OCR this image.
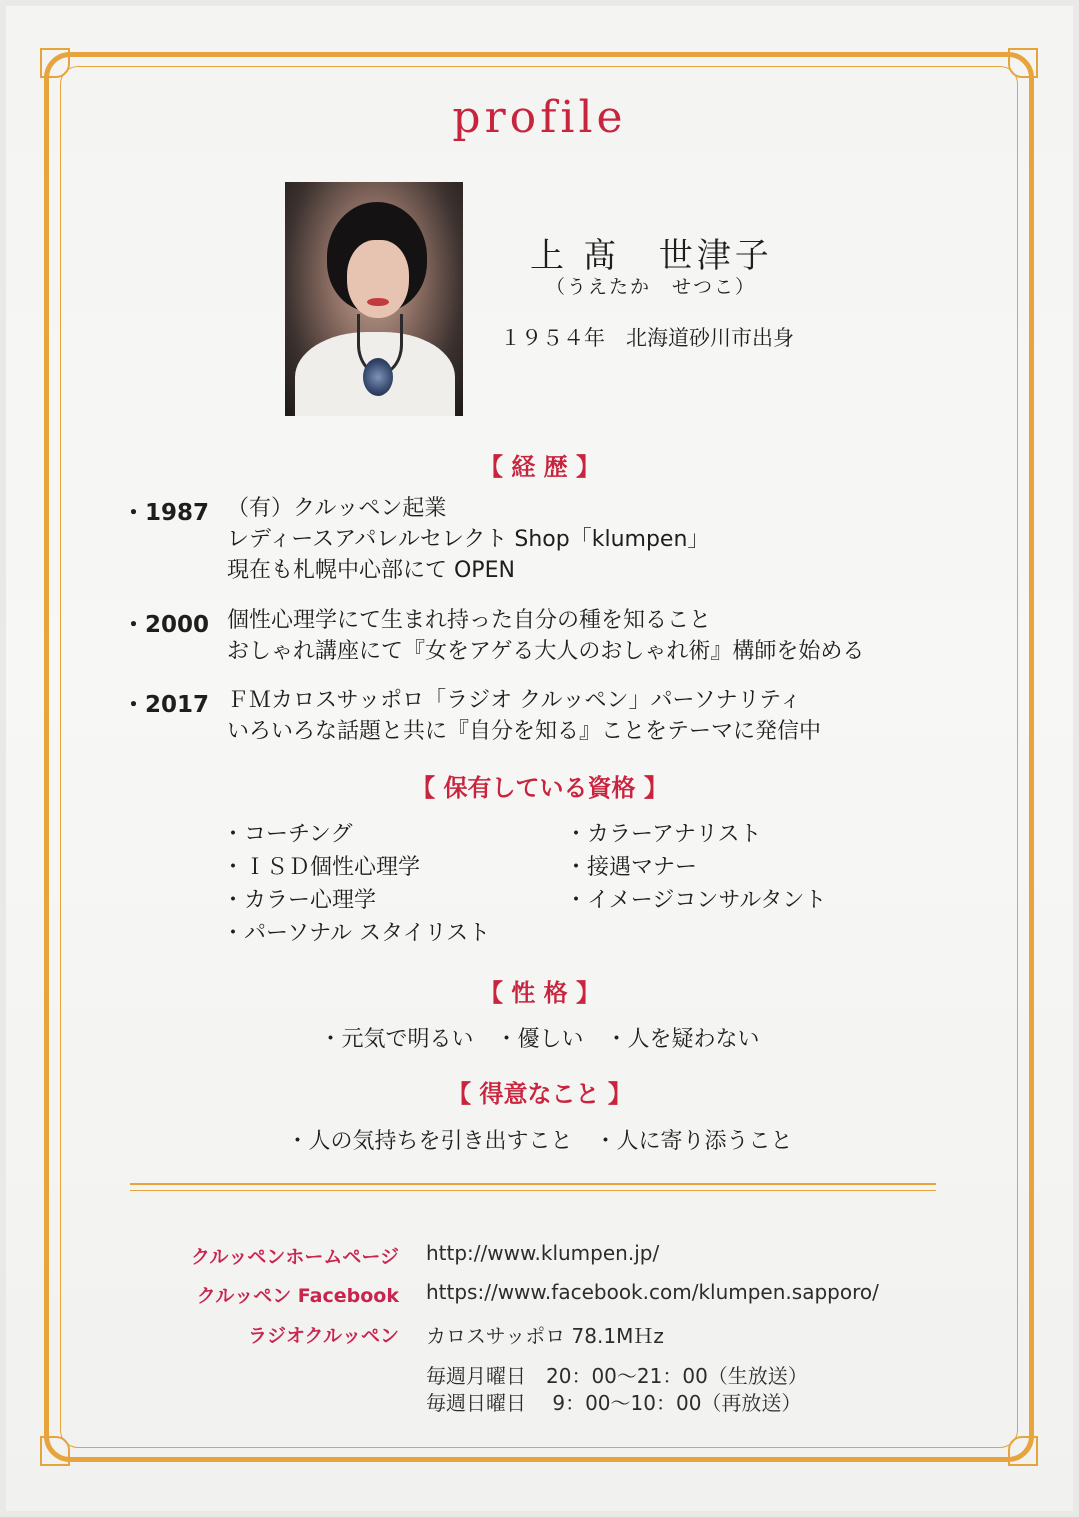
profile
上 髙　世津子
（うえたか　せつこ）
１９５４年　北海道砂川市出身
【 経 歴 】
・1987 （有）クルッペン起業
レディースアパレルセレクト Shop「klumpen」
現在も札幌中心部にて OPEN
・2000 個性心理学にて生まれ持った自分の種を知ること
おしゃれ講座にて『女をアゲる大人のおしゃれ術』構師を始める
・2017 ＦＭカロスサッポロ「ラジオ クルッペン」パーソナリティ
いろいろな話題と共に『自分を知る』ことをテーマに発信中
【 保有している資格 】
・コーチング
・ＩＳＤ個性心理学
・カラー心理学
・パーソナル スタイリスト
・カラーアナリスト
・接遇マナー
・イメージコンサルタント
【 性 格 】
・元気で明るい　・優しい　・人を疑わない
【 得意なこと 】
・人の気持ちを引き出すこと　・人に寄り添うこと
クルッペンホームページ http://www.klumpen.jp/
クルッペン Facebook https://www.facebook.com/klumpen.sapporo/
ラジオクルッペン カロスサッポロ 78.1MＨz
毎週月曜日　20：00～21：00（生放送）
毎週日曜日　 9：00～10：00（再放送）
